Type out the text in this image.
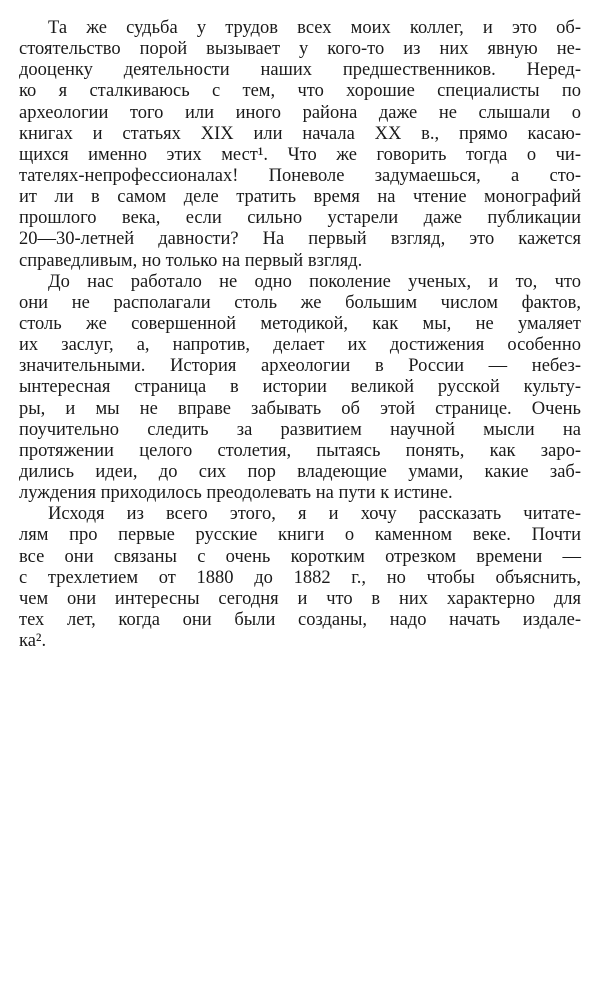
Та же судьба у трудов всех моих коллег, и это об-
стоятельство порой вызывает у кого-то из них явную не-
дооценку деятельности наших предшественников. Неред-
ко я сталкиваюсь с тем, что хорошие специалисты по
археологии того или иного района даже не слышали о
книгах и статьях XIX или начала XX в., прямо касаю-
щихся именно этих мест¹. Что же говорить тогда о чи-
тателях-непрофессионалах! Поневоле задумаешься, а сто-
ит ли в самом деле тратить время на чтение монографий
прошлого века, если сильно устарели даже публикации
20—30-летней давности? На первый взгляд, это кажется
справедливым, но только на первый взгляд.
До нас работало не одно поколение ученых, и то, что
они не располагали столь же большим числом фактов,
столь же совершенной методикой, как мы, не умаляет
их заслуг, а, напротив, делает их достижения особенно
значительными. История археологии в России — небез-
ынтересная страница в истории великой русской культу-
ры, и мы не вправе забывать об этой странице. Очень
поучительно следить за развитием научной мысли на
протяжении целого столетия, пытаясь понять, как заро-
дились идеи, до сих пор владеющие умами, какие заб-
луждения приходилось преодолевать на пути к истине.
Исходя из всего этого, я и хочу рассказать читате-
лям про первые русские книги о каменном веке. Почти
все они связаны с очень коротким отрезком времени —
с трехлетием от 1880 до 1882 г., но чтобы объяснить,
чем они интересны сегодня и что в них характерно для
тех лет, когда они были созданы, надо начать издале-
ка².
